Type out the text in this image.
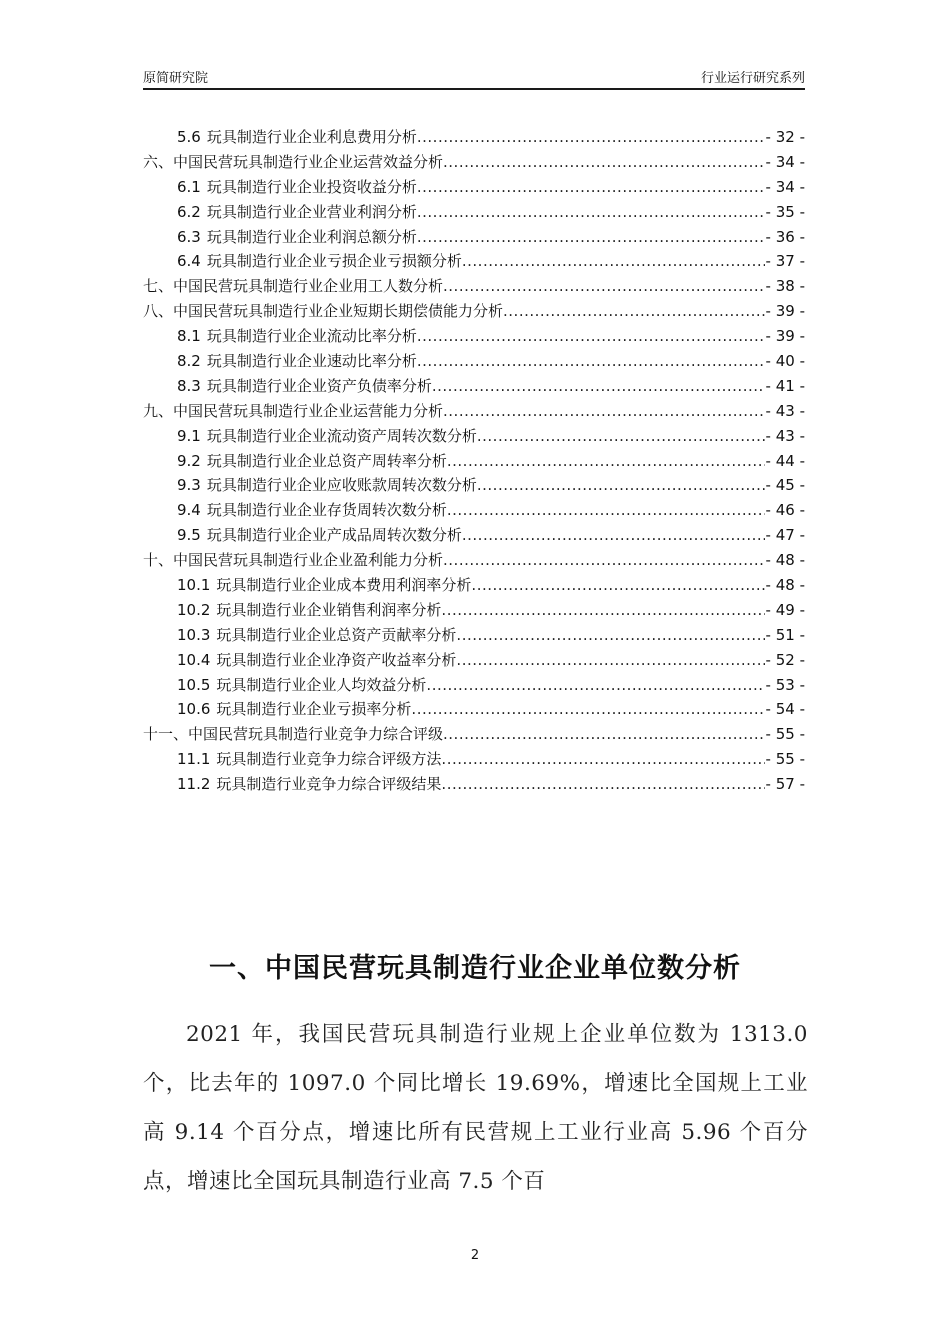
原简研究院	行业运行研究系列
5.6 玩具制造行业企业利息费用分析 .....	- 32 -
六、中国民营玩具制造行业企业运营效益分析 .....	- 34 -
6.1 玩具制造行业企业投资收益分析 .....	- 34 -
6.2 玩具制造行业企业营业利润分析 .....	- 35 -
6.3 玩具制造行业企业利润总额分析 .....	- 36 -
6.4 玩具制造行业企业亏损企业亏损额分析 .....	- 37 -
七、中国民营玩具制造行业企业用工人数分析 .....	- 38 -
八、中国民营玩具制造行业企业短期长期偿债能力分析 .....	- 39 -
8.1 玩具制造行业企业流动比率分析 .....	- 39 -
8.2 玩具制造行业企业速动比率分析 .....	- 40 -
8.3 玩具制造行业企业资产负债率分析 .....	- 41 -
九、中国民营玩具制造行业企业运营能力分析 .....	- 43 -
9.1 玩具制造行业企业流动资产周转次数分析 .....	- 43 -
9.2 玩具制造行业企业总资产周转率分析 .....	- 44 -
9.3 玩具制造行业企业应收账款周转次数分析 .....	- 45 -
9.4 玩具制造行业企业存货周转次数分析 .....	- 46 -
9.5 玩具制造行业企业产成品周转次数分析 .....	- 47 -
十、中国民营玩具制造行业企业盈利能力分析 .....	- 48 -
10.1 玩具制造行业企业成本费用利润率分析 .....	- 48 -
10.2 玩具制造行业企业销售利润率分析 .....	- 49 -
10.3 玩具制造行业企业总资产贡献率分析 .....	- 51 -
10.4 玩具制造行业企业净资产收益率分析 .....	- 52 -
10.5 玩具制造行业企业人均效益分析 .....	- 53 -
10.6 玩具制造行业企业亏损率分析 .....	- 54 -
十一、中国民营玩具制造行业竞争力综合评级 .....	- 55 -
11.1 玩具制造行业竞争力综合评级方法 .....	- 55 -
11.2 玩具制造行业竞争力综合评级结果 .....	- 57 -
一、中国民营玩具制造行业企业单位数分析

2021 年，我国民营玩具制造行业规上企业单位数为 1313.0 个，比去年的 1097.0 个同比增长 19.69%，增速比全国规上工业高 9.14 个百分点，增速比所有民营规上工业行业高 5.96 个百分点，增速比全国玩具制造行业高 7.5 个百

2
